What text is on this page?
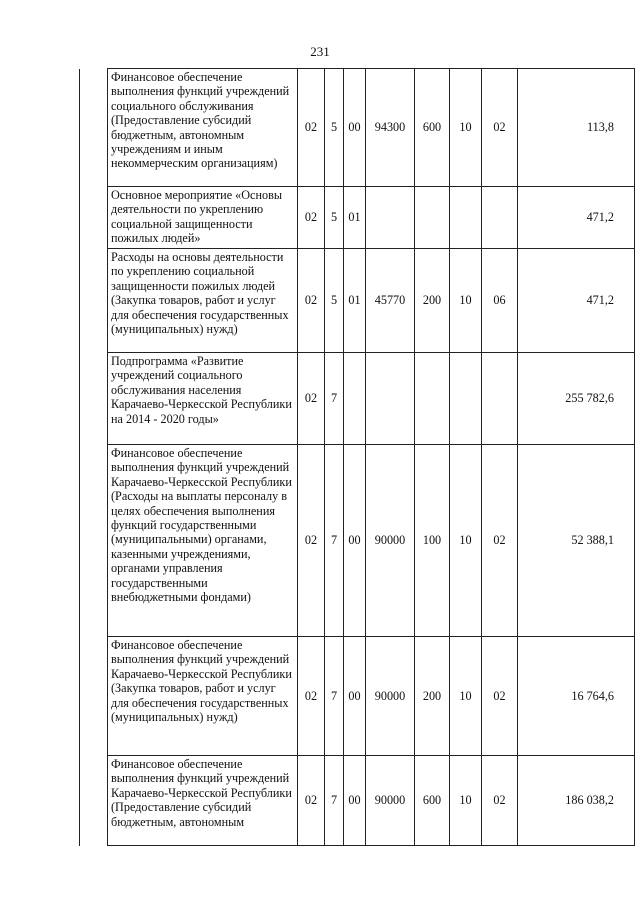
231
	Финансовое обеспечение выполнения функций учреждений социального обслуживания (Предоставление субсидий бюджетным, автономным учреждениям и иным некоммерческим организациям)	02	5	00	94300	600	10	02	113,8
	Основное мероприятие «Основы деятельности по укреплению социальной защищенности пожилых людей»	02	5	01					471,2
	Расходы на основы деятельности по укреплению социальной защищенности пожилых людей (Закупка товаров, работ и услуг для обеспечения государственных (муниципальных) нужд)	02	5	01	45770	200	10	06	471,2
	Подпрограмма «Развитие учреждений социального обслуживания населения Карачаево-Черкесской Республики на 2014 - 2020 годы»	02	7						255 782,6
	Финансовое обеспечение выполнения функций учреждений Карачаево-Черкесской Республики (Расходы на выплаты персоналу в целях обеспечения выполнения функций государственными (муниципальными) органами, казенными учреждениями, органами управления государственными внебюджетными фондами)	02	7	00	90000	100	10	02	52 388,1
	Финансовое обеспечение выполнения функций учреждений Карачаево-Черкесской Республики (Закупка товаров, работ и услуг для обеспечения государственных (муниципальных) нужд)	02	7	00	90000	200	10	02	16 764,6
	Финансовое обеспечение выполнения функций учреждений Карачаево-Черкесской Республики (Предоставление субсидий бюджетным, автономным	02	7	00	90000	600	10	02	186 038,2
